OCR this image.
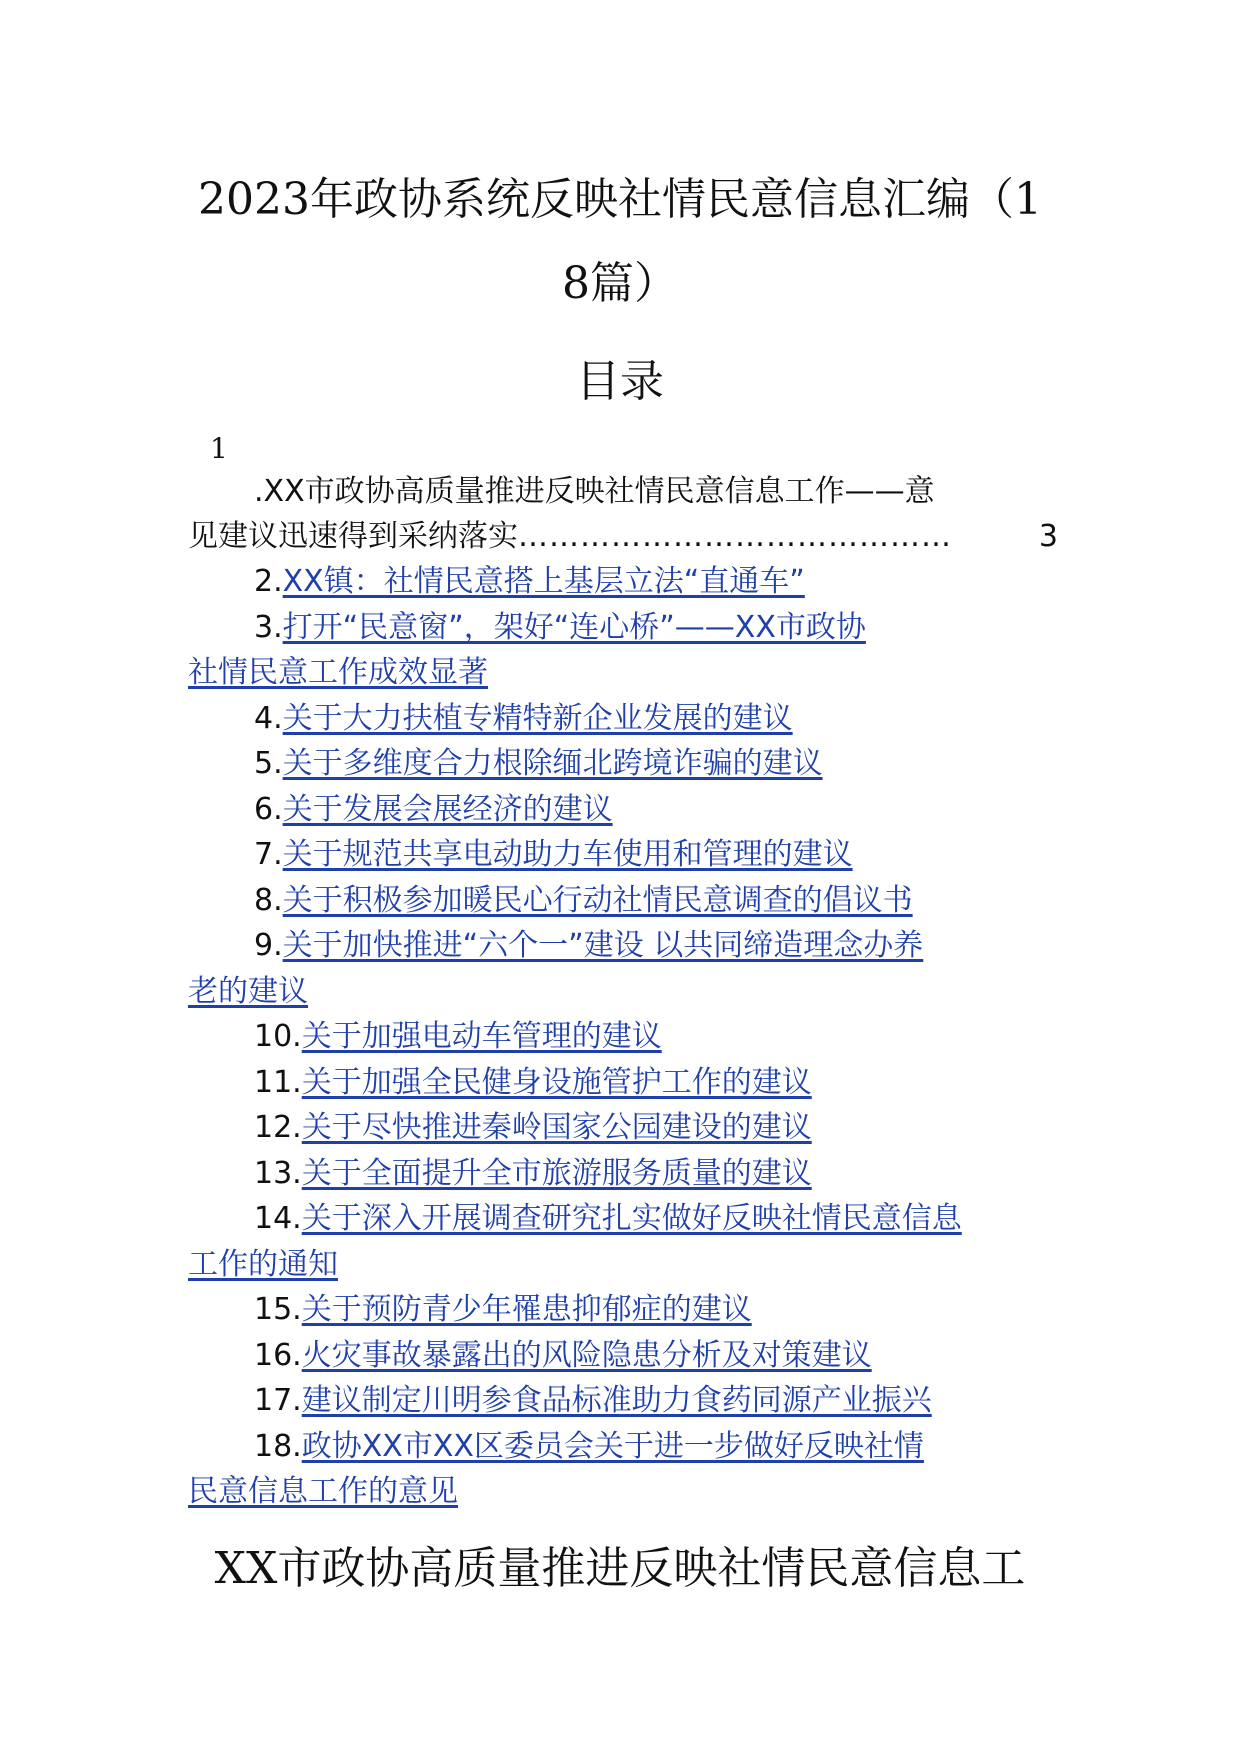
2023年政协系统反映社情民意信息汇编（1
8篇）
目录
1
.XX市政协高质量推进反映社情民意信息工作——意
见建议迅速得到采纳落实……………………………………	3
2.XX镇：社情民意搭上基层立法“直通车”
3.打开“民意窗”，架好“连心桥”——XX市政协
社情民意工作成效显著
4.关于大力扶植专精特新企业发展的建议
5.关于多维度合力根除缅北跨境诈骗的建议
6.关于发展会展经济的建议
7.关于规范共享电动助力车使用和管理的建议
8.关于积极参加暖民心行动社情民意调查的倡议书
9.关于加快推进“六个一”建设 以共同缔造理念办养
老的建议
10.关于加强电动车管理的建议
11.关于加强全民健身设施管护工作的建议
12.关于尽快推进秦岭国家公园建设的建议
13.关于全面提升全市旅游服务质量的建议
14.关于深入开展调查研究扎实做好反映社情民意信息
工作的通知
15.关于预防青少年罹患抑郁症的建议
16.火灾事故暴露出的风险隐患分析及对策建议
17.建议制定川明参食品标准助力食药同源产业振兴
18.政协XX市XX区委员会关于进一步做好反映社情
民意信息工作的意见
XX市政协高质量推进反映社情民意信息工
